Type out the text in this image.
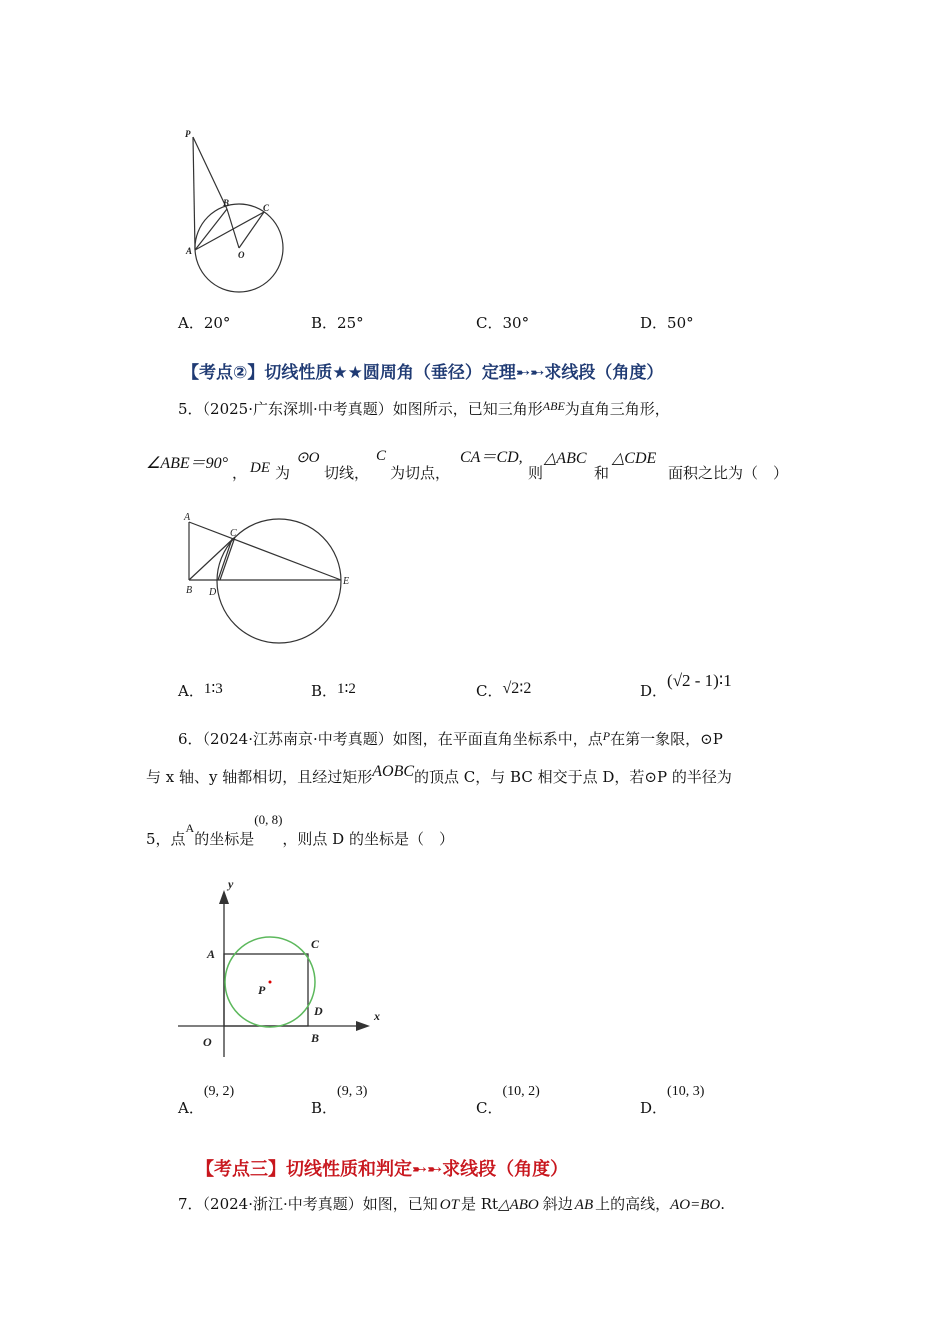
P
B	C
A	O
A．20°	B．25°	C．30°	D．50°
【考点②】切线性质★★圆周角（垂径）定理➸➸求线段（角度）
5．（2025·广东深圳·中考真题）如图所示，已知三角形$^{ABE}$为直角三角形，
∠ABE＝90°
， DE 为
⊙O
切线，
C
为切点，
CA＝CD,
则
△ABC
和
△CDE
面积之比为（　）
A
C
B D
E
A．1∶3	B．1∶2	C．√2∶2	D．(√2 - 1)∶1
6．（2024·江苏南京·中考真题）如图，在平面直角坐标系中，点$^P$在第一象限，⊙P
与 x 轴、y 轴都相切，且经过矩形AOBC的顶点 C，与 BC 相交于点 D，若⊙P 的半径为
5，点$^A$的坐标是(0, 8)，则点 D 的坐标是（　）
y
x
A
C
P
D
O	B
A．(9, 2)
B．(9, 3)
C．(10, 2)
D．(10, 3)
【考点三】切线性质和判定➸➸求线段（角度）
7．（2024·浙江·中考真题）如图，已知 OT 是 Rt△ABO 斜边 AB 上的高线，AO=BO.
